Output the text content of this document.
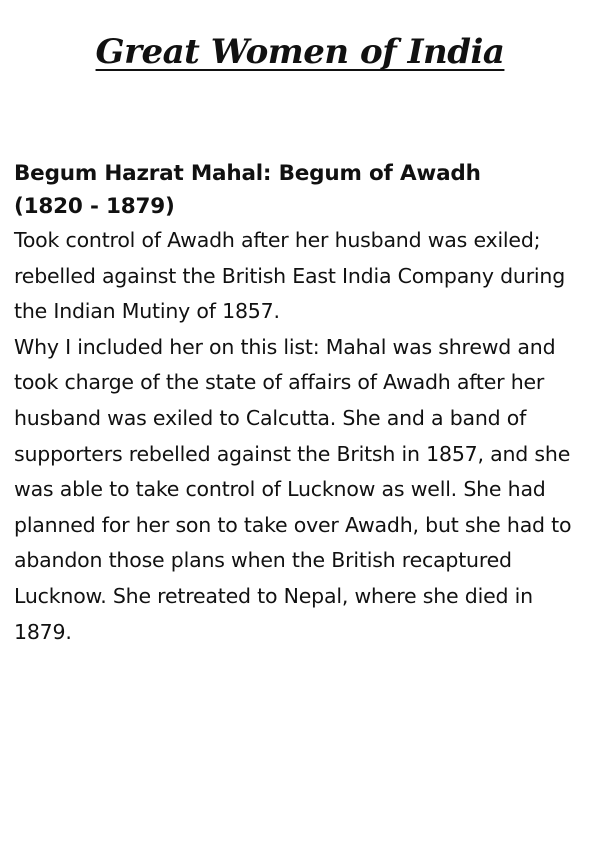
Great Women of India
Begum Hazrat Mahal: Begum of Awadh
(1820 - 1879)

Took control of Awadh after her husband was exiled; rebelled against the British East India Company during the Indian Mutiny of 1857.

Why I included her on this list: Mahal was shrewd and took charge of the state of affairs of Awadh after her husband was exiled to Calcutta. She and a band of supporters rebelled against the Britsh in 1857, and she was able to take control of Lucknow as well. She had planned for her son to take over Awadh, but she had to abandon those plans when the British recaptured Lucknow. She retreated to Nepal, where she died in 1879.
